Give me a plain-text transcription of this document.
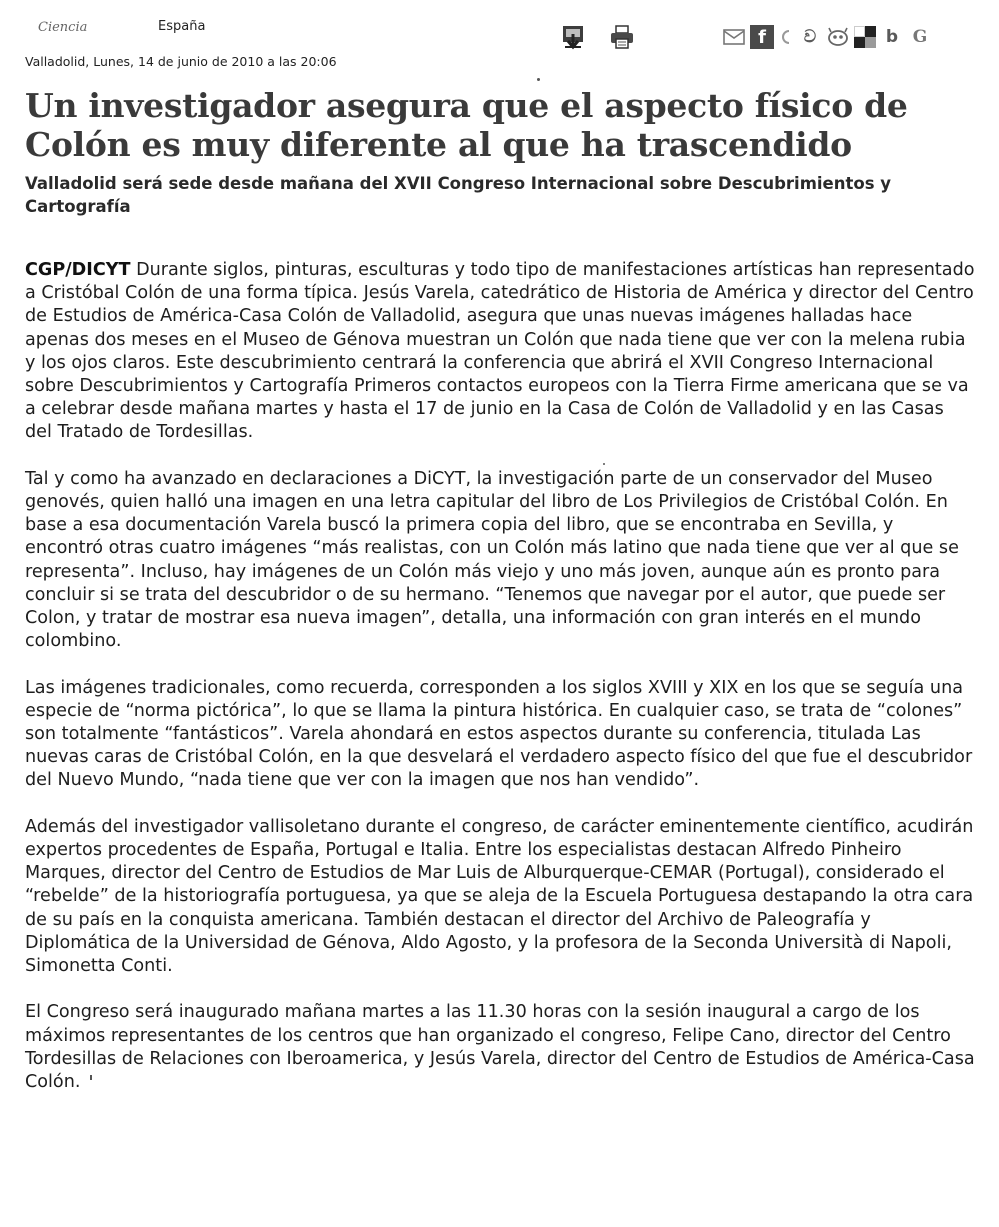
Ciencia	España
Valladolid, Lunes, 14 de junio de 2010 a las 20:06
f	ව	b G
Un investigador asegura que el aspecto físico de Colón es muy diferente al que ha trascendido
Valladolid será sede desde mañana del XVII Congreso Internacional sobre Descubrimientos y Cartografía

CGP/DICYT Durante siglos, pinturas, esculturas y todo tipo de manifestaciones artísticas han representado a Cristóbal Colón de una forma típica. Jesús Varela, catedrático de Historia de América y director del Centro de Estudios de América-Casa Colón de Valladolid, asegura que unas nuevas imágenes halladas hace apenas dos meses en el Museo de Génova muestran un Colón que nada tiene que ver con la melena rubia y los ojos claros. Este descubrimiento centrará la conferencia que abrirá el XVII Congreso Internacional sobre Descubrimientos y Cartografía Primeros contactos europeos con la Tierra Firme americana que se va a celebrar desde mañana martes y hasta el 17 de junio en la Casa de Colón de Valladolid y en las Casas del Tratado de Tordesillas.

Tal y como ha avanzado en declaraciones a DiCYT, la investigación parte de un conservador del Museo genovés, quien halló una imagen en una letra capitular del libro de Los Privilegios de Cristóbal Colón. En base a esa documentación Varela buscó la primera copia del libro, que se encontraba en Sevilla, y encontró otras cuatro imágenes “más realistas, con un Colón más latino que nada tiene que ver al que se representa”. Incluso, hay imágenes de un Colón más viejo y uno más joven, aunque aún es pronto para concluir si se trata del descubridor o de su hermano. “Tenemos que navegar por el autor, que puede ser Colon, y tratar de mostrar esa nueva imagen”, detalla, una información con gran interés en el mundo colombino.

Las imágenes tradicionales, como recuerda, corresponden a los siglos XVIII y XIX en los que se seguía una especie de “norma pictórica”, lo que se llama la pintura histórica. En cualquier caso, se trata de “colones” son totalmente “fantásticos”. Varela ahondará en estos aspectos durante su conferencia, titulada Las nuevas caras de Cristóbal Colón, en la que desvelará el verdadero aspecto físico del que fue el descubridor del Nuevo Mundo, “nada tiene que ver con la imagen que nos han vendido”.

Además del investigador vallisoletano durante el congreso, de carácter eminentemente científico, acudirán expertos procedentes de España, Portugal e Italia. Entre los especialistas destacan Alfredo Pinheiro Marques, director del Centro de Estudios de Mar Luis de Alburquerque-CEMAR (Portugal), considerado el “rebelde” de la historiografía portuguesa, ya que se aleja de la Escuela Portuguesa destapando la otra cara de su país en la conquista americana. También destacan el director del Archivo de Paleografía y Diplomática de la Universidad de Génova, Aldo Agosto, y la profesora de la Seconda Università di Napoli, Simonetta Conti.

El Congreso será inaugurado mañana martes a las 11.30 horas con la sesión inaugural a cargo de los máximos representantes de los centros que han organizado el congreso, Felipe Cano, director del Centro Tordesillas de Relaciones con Iberoamerica, y Jesús Varela, director del Centro de Estudios de América-Casa Colón.
